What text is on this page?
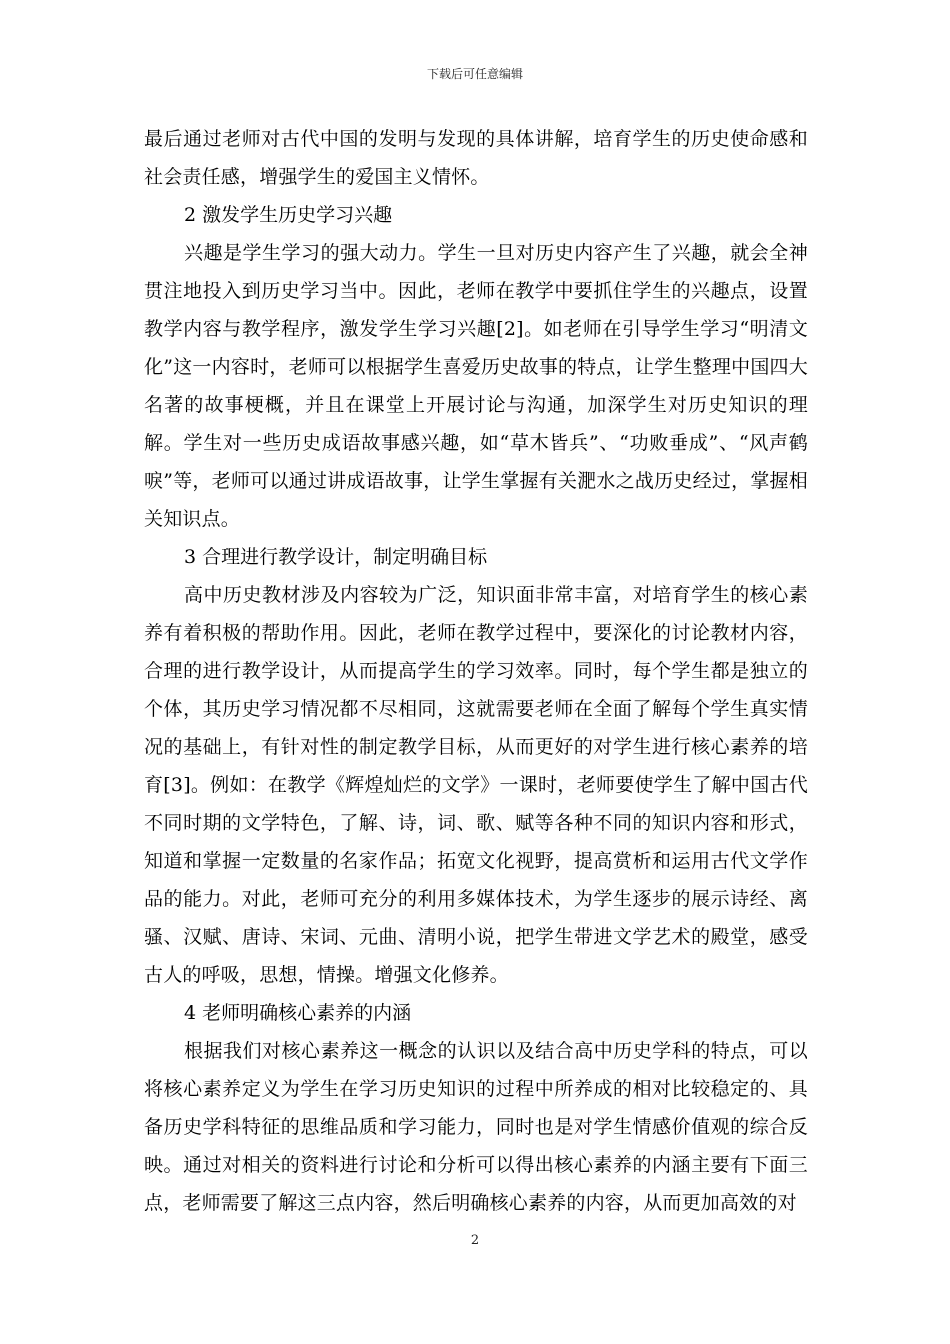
下载后可任意编辑

最后通过老师对古代中国的发明与发现的具体讲解，培育学生的历史使命感和社会责任感，增强学生的爱国主义情怀。

2 激发学生历史学习兴趣

兴趣是学生学习的强大动力。学生一旦对历史内容产生了兴趣，就会全神贯注地投入到历史学习当中。因此，老师在教学中要抓住学生的兴趣点，设置教学内容与教学程序，激发学生学习兴趣[2]。如老师在引导学生学习“明清文化”这一内容时，老师可以根据学生喜爱历史故事的特点，让学生整理中国四大名著的故事梗概，并且在课堂上开展讨论与沟通，加深学生对历史知识的理解。学生对一些历史成语故事感兴趣，如“草木皆兵”、“功败垂成”、“风声鹤唳”等，老师可以通过讲成语故事，让学生掌握有关淝水之战历史经过，掌握相关知识点。

3 合理进行教学设计，制定明确目标

高中历史教材涉及内容较为广泛，知识面非常丰富，对培育学生的核心素养有着积极的帮助作用。因此，老师在教学过程中，要深化的讨论教材内容，合理的进行教学设计，从而提高学生的学习效率。同时，每个学生都是独立的个体，其历史学习情况都不尽相同，这就需要老师在全面了解每个学生真实情况的基础上，有针对性的制定教学目标，从而更好的对学生进行核心素养的培育[3]。例如：在教学《辉煌灿烂的文学》一课时，老师要使学生了解中国古代不同时期的文学特色，了解、诗，词、歌、赋等各种不同的知识内容和形式，知道和掌握一定数量的名家作品；拓宽文化视野，提高赏析和运用古代文学作品的能力。对此，老师可充分的利用多媒体技术，为学生逐步的展示诗经、离骚、汉赋、唐诗、宋词、元曲、清明小说，把学生带进文学艺术的殿堂，感受古人的呼吸，思想，情操。增强文化修养。

4 老师明确核心素养的内涵

根据我们对核心素养这一概念的认识以及结合高中历史学科的特点，可以将核心素养定义为学生在学习历史知识的过程中所养成的相对比较稳定的、具备历史学科特征的思维品质和学习能力，同时也是对学生情感价值观的综合反映。通过对相关的资料进行讨论和分析可以得出核心素养的内涵主要有下面三点，老师需要了解这三点内容，然后明确核心素养的内容，从而更加高效的对

2
